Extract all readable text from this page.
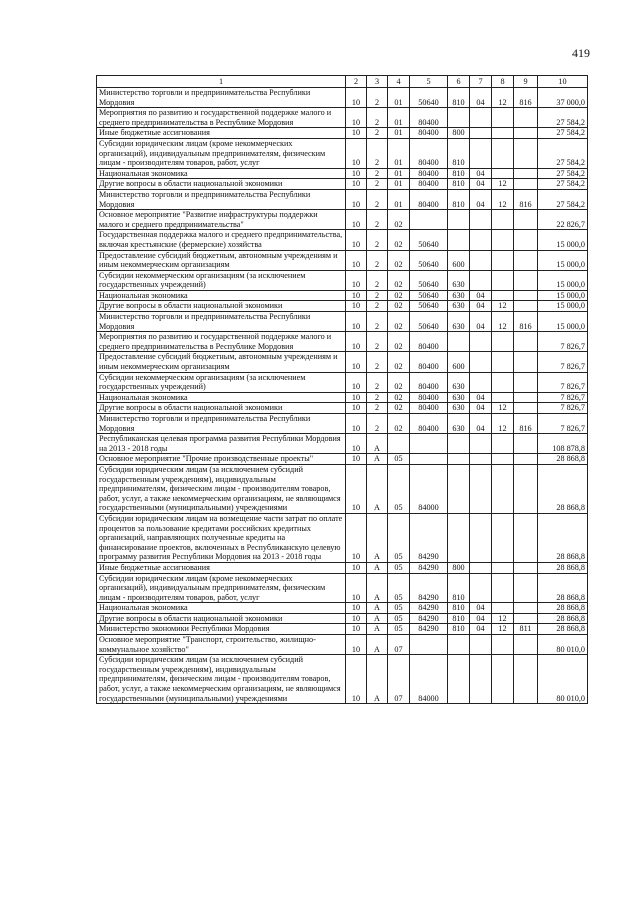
419
1	2	3	4	5	6	7	8	9	10
Министерство торговли и предпринимательства Республики Мордовия	10	2	01	50640	810	04	12	816	37 000,0
Мероприятия по развитию и государственной поддержке малого и среднего предпринимательства в Республике Мордовия	10	2	01	80400					27 584,2
Иные бюджетные ассигнования	10	2	01	80400	800				27 584,2
Субсидии юридическим лицам (кроме некоммерческих организаций), индивидуальным предпринимателям, физическим лицам - производителям товаров, работ, услуг	10	2	01	80400	810				27 584,2
Национальная экономика	10	2	01	80400	810	04			27 584,2
Другие вопросы в области национальной экономики	10	2	01	80400	810	04	12		27 584,2
Министерство торговли и предпринимательства Республики Мордовия	10	2	01	80400	810	04	12	816	27 584,2
Основное мероприятие "Развитие инфраструктуры поддержки малого и среднего предпринимательства"	10	2	02						22 826,7
Государственная поддержка малого и среднего предпринимательства, включая крестьянские (фермерские) хозяйства	10	2	02	50640					15 000,0
Предоставление субсидий бюджетным, автономным учреждениям и иным некоммерческим организациям	10	2	02	50640	600				15 000,0
Субсидии некоммерческим организациям (за исключением государственных учреждений)	10	2	02	50640	630				15 000,0
Национальная экономика	10	2	02	50640	630	04			15 000,0
Другие вопросы в области национальной экономики	10	2	02	50640	630	04	12		15 000,0
Министерство торговли и предпринимательства Республики Мордовия	10	2	02	50640	630	04	12	816	15 000,0
Мероприятия по развитию и государственной поддержке малого и среднего предпринимательства в Республике Мордовия	10	2	02	80400					7 826,7
Предоставление субсидий бюджетным, автономным учреждениям и иным некоммерческим организациям	10	2	02	80400	600				7 826,7
Субсидии некоммерческим организациям (за исключением государственных учреждений)	10	2	02	80400	630				7 826,7
Национальная экономика	10	2	02	80400	630	04			7 826,7
Другие вопросы в области национальной экономики	10	2	02	80400	630	04	12		7 826,7
Министерство торговли и предпринимательства Республики Мордовия	10	2	02	80400	630	04	12	816	7 826,7
Республиканская целевая программа развития Республики Мордовия на 2013 - 2018 годы	10	А							108 878,8
Основное мероприятие "Прочие производственные проекты"	10	А	05						28 868,8
Субсидии юридическим лицам (за исключением субсидий государственным учреждениям), индивидуальным предпринимателям, физическим лицам - производителям товаров, работ, услуг, а также некоммерческим организациям, не являющимся государственными (муниципальными) учреждениями	10	А	05	84000					28 868,8
Субсидии юридическим лицам на возмещение части затрат по оплате процентов за пользование кредитами российских кредитных организаций, направляющих полученные кредиты на финансирование проектов, включенных в Республиканскую целевую программу развития Республики Мордовия на 2013 - 2018 годы	10	А	05	84290					28 868,8
Иные бюджетные ассигнования	10	А	05	84290	800				28 868,8
Субсидии юридическим лицам (кроме некоммерческих организаций), индивидуальным предпринимателям, физическим лицам - производителям товаров, работ, услуг	10	А	05	84290	810				28 868,8
Национальная экономика	10	А	05	84290	810	04			28 868,8
Другие вопросы в области национальной экономики	10	А	05	84290	810	04	12		28 868,8
Министерство экономики Республики Мордовия	10	А	05	84290	810	04	12	811	28 868,8
Основное мероприятие "Транспорт, строительство, жилищно-коммунальное хозяйство"	10	А	07						80 010,0
Субсидии юридическим лицам (за исключением субсидий государственным учреждениям), индивидуальным предпринимателям, физическим лицам - производителям товаров, работ, услуг, а также некоммерческим организациям, не являющимся государственными (муниципальными) учреждениями	10	А	07	84000					80 010,0
